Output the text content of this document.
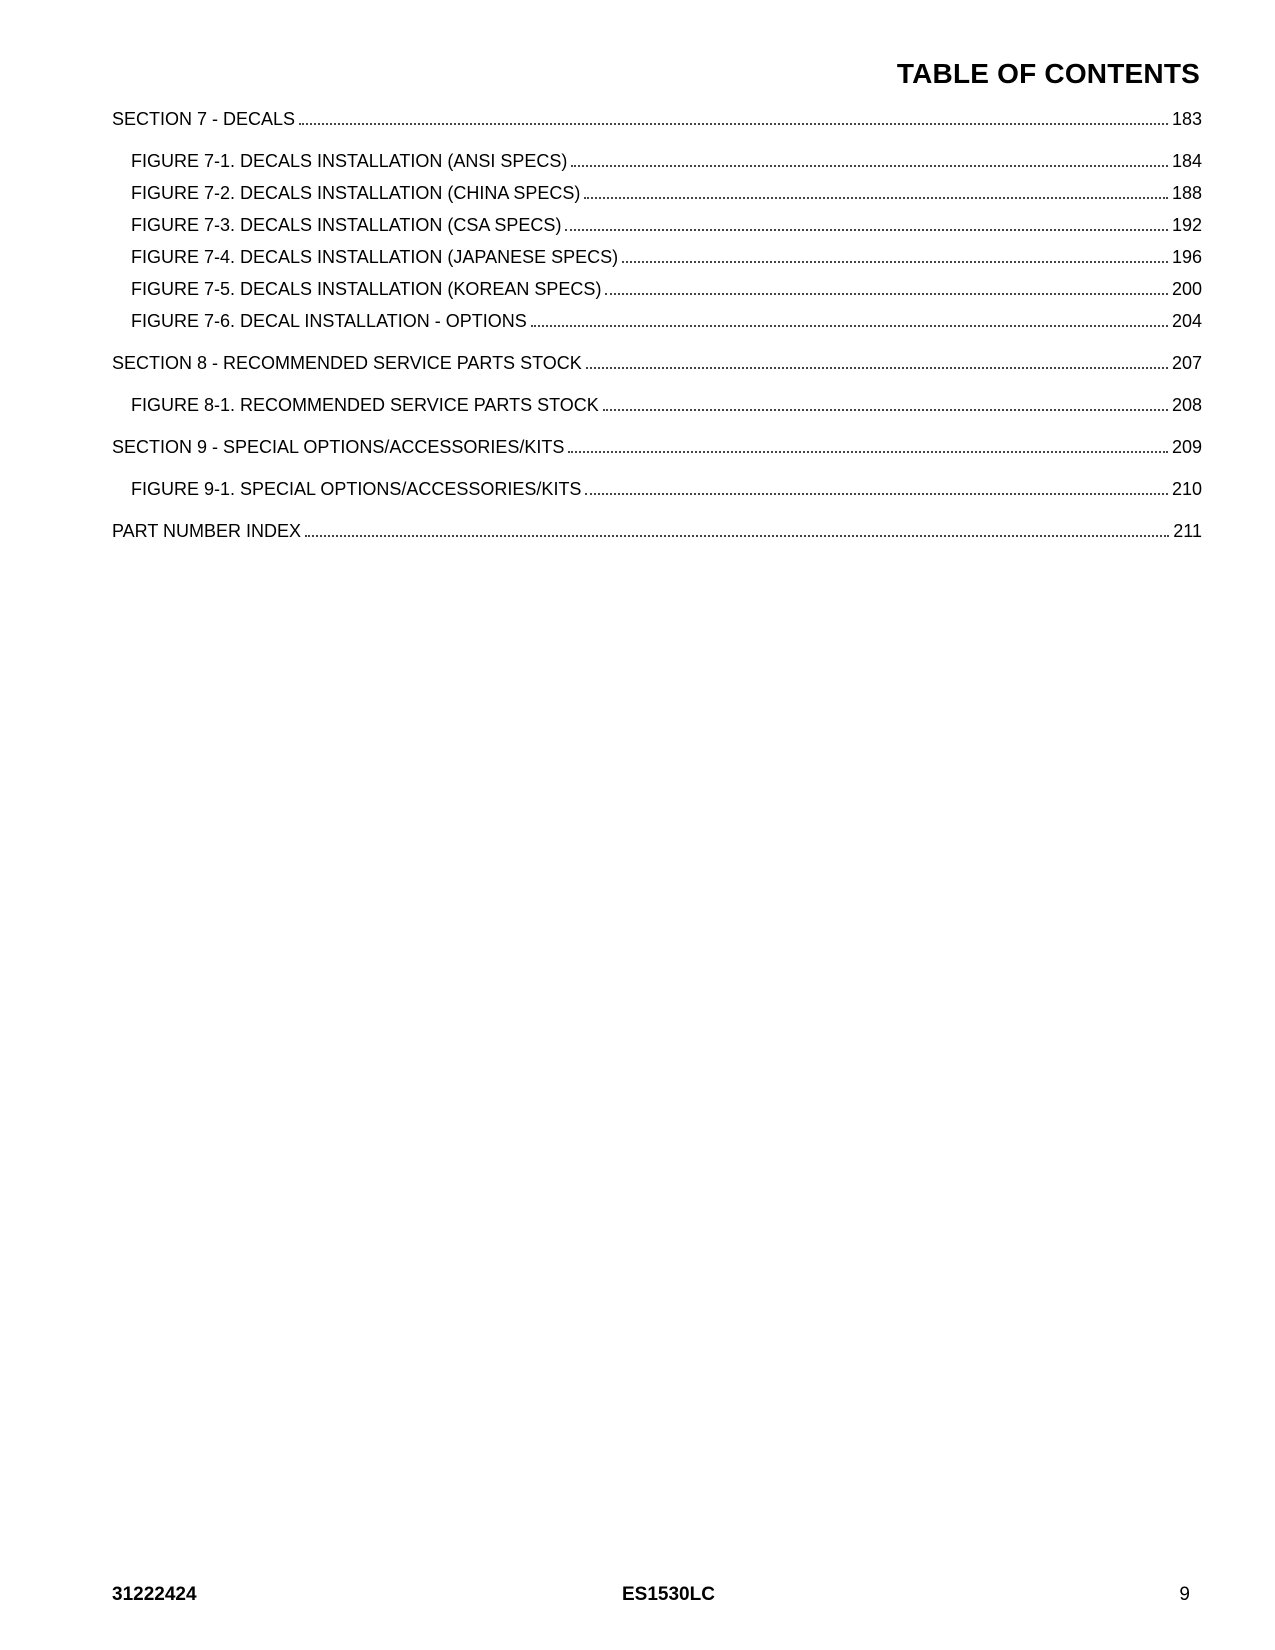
TABLE OF CONTENTS
SECTION 7 - DECALS	183
FIGURE 7-1. DECALS INSTALLATION (ANSI SPECS)	184
FIGURE 7-2. DECALS INSTALLATION (CHINA SPECS)	188
FIGURE 7-3. DECALS INSTALLATION (CSA SPECS)	192
FIGURE 7-4. DECALS INSTALLATION (JAPANESE SPECS)	196
FIGURE 7-5. DECALS INSTALLATION (KOREAN SPECS)	200
FIGURE 7-6. DECAL INSTALLATION - OPTIONS	204
SECTION 8 - RECOMMENDED SERVICE PARTS STOCK	207
FIGURE 8-1. RECOMMENDED SERVICE PARTS STOCK	208
SECTION 9 - SPECIAL OPTIONS/ACCESSORIES/KITS	209
FIGURE 9-1. SPECIAL OPTIONS/ACCESSORIES/KITS	210
PART NUMBER INDEX	211
31222424	ES1530LC	9
